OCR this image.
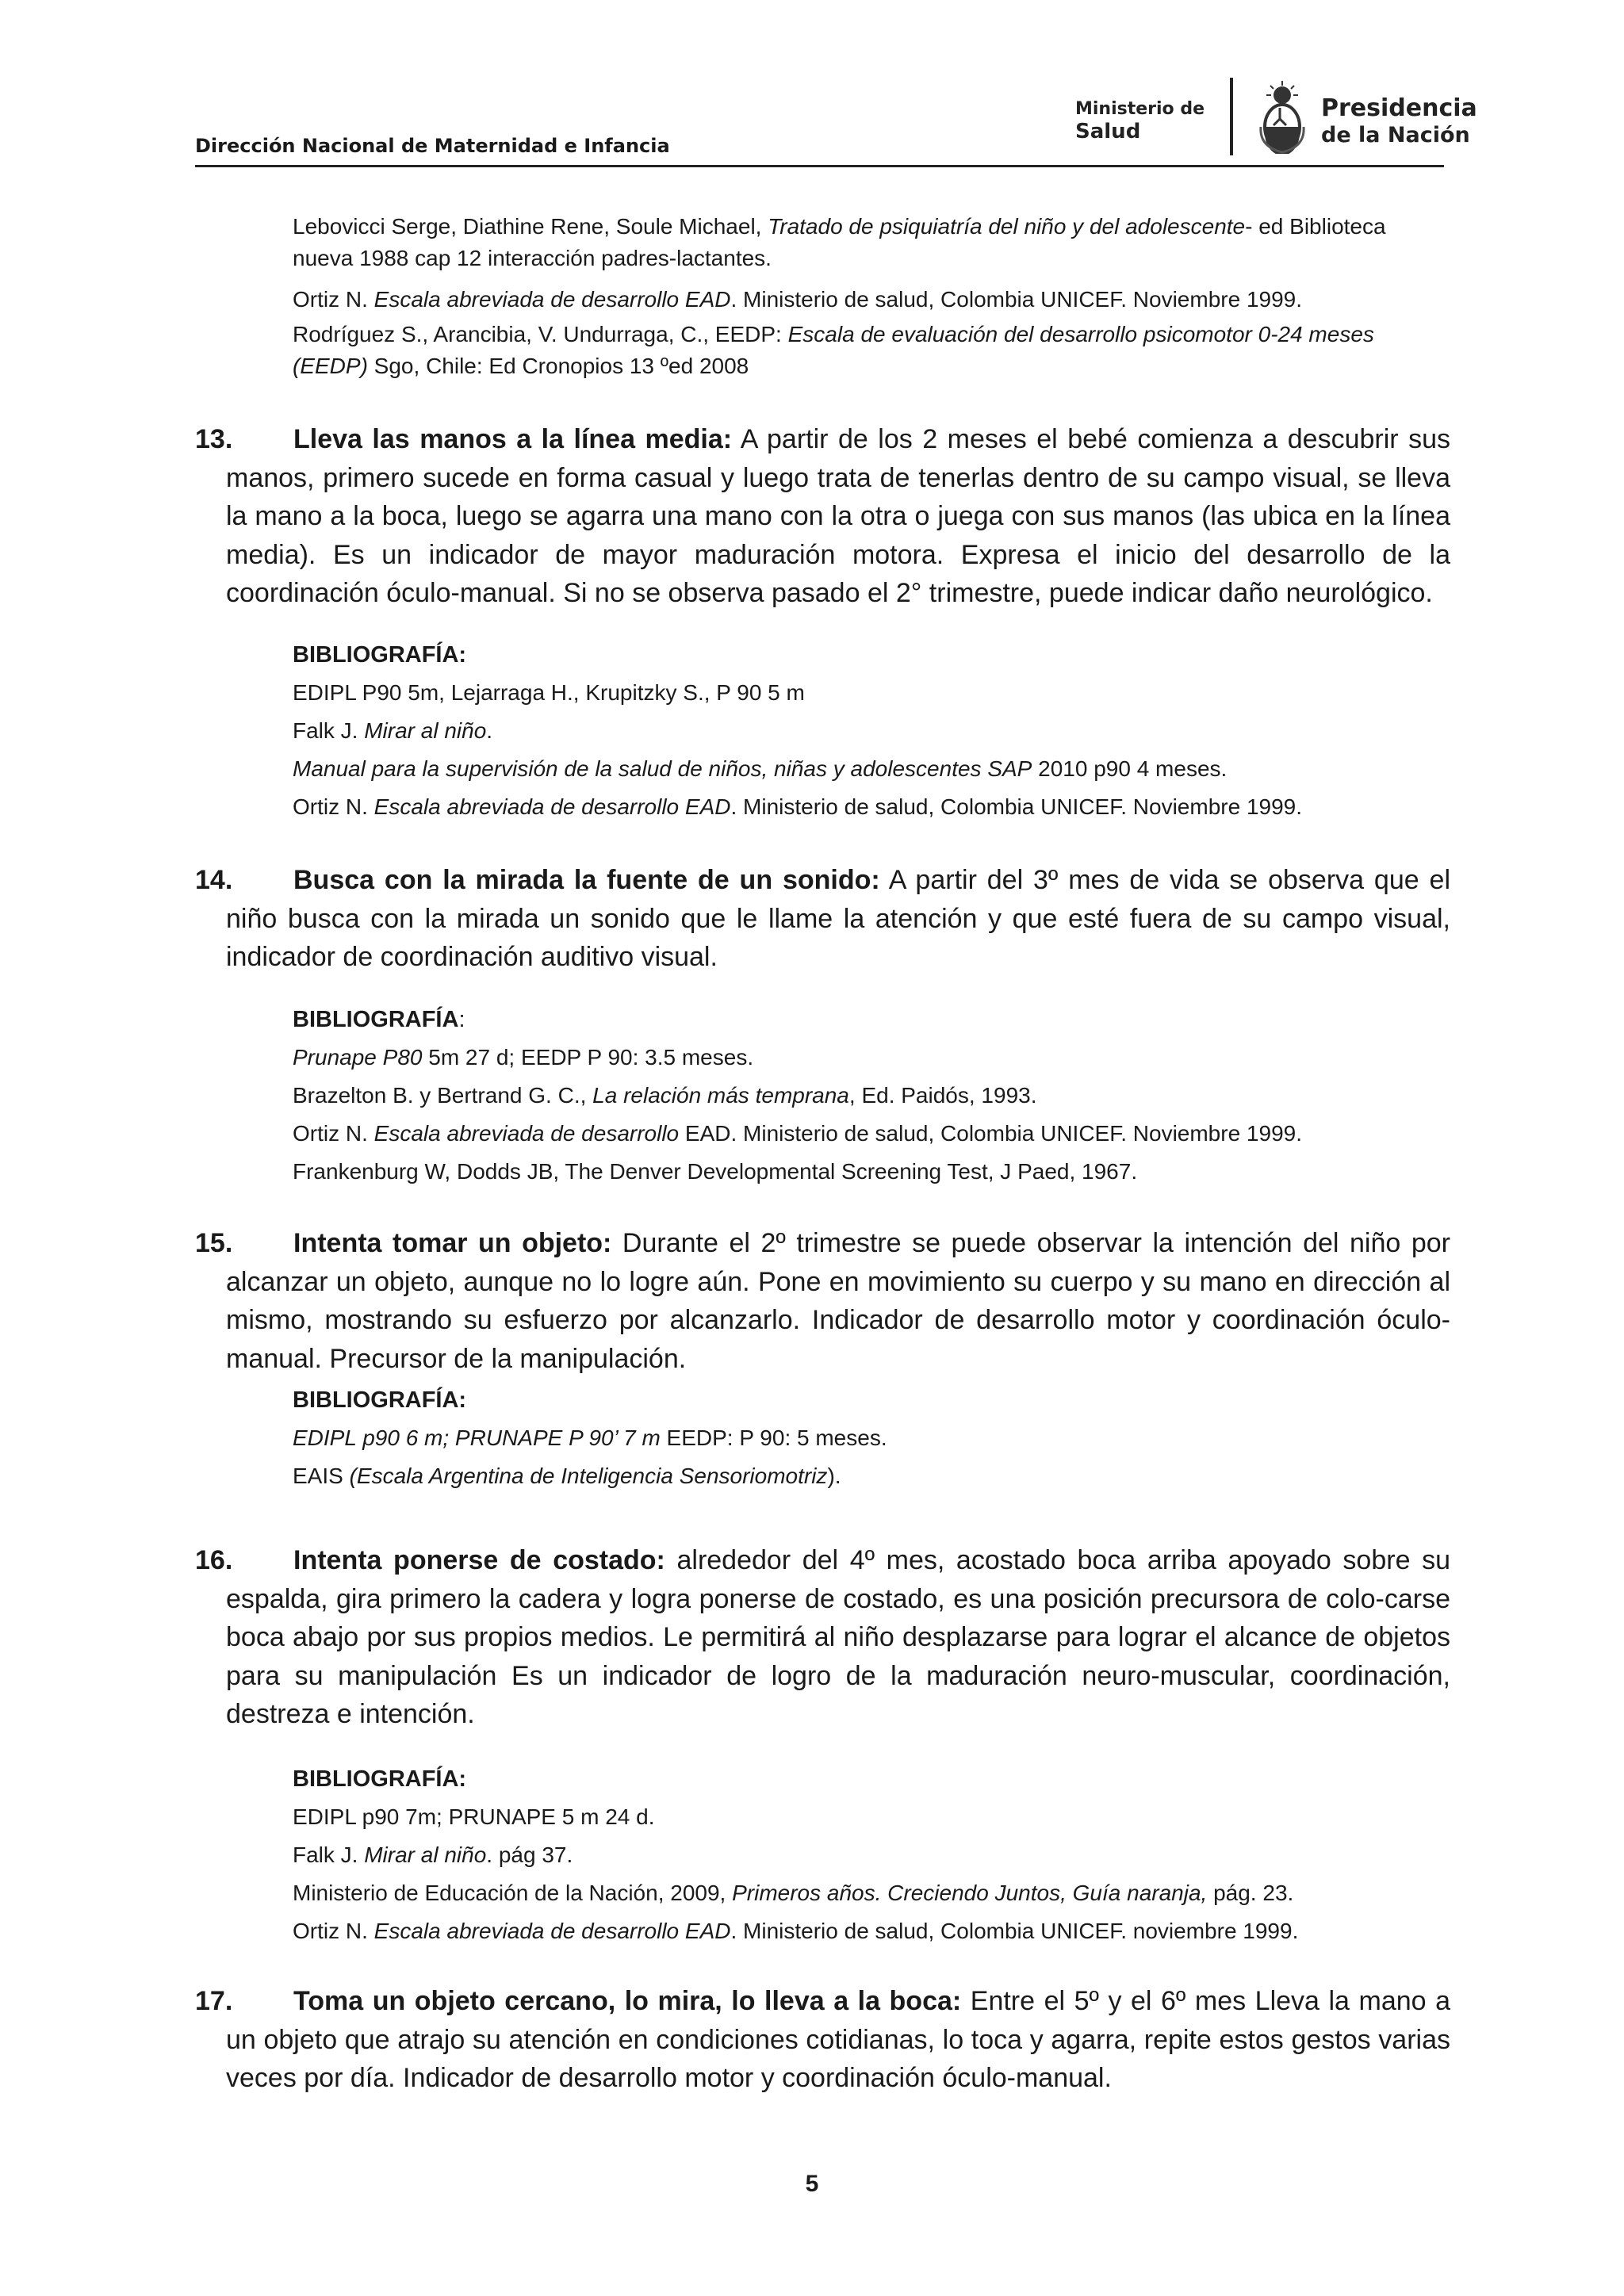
Dirección Nacional de Maternidad e Infancia
Ministerio de
Salud
Presidencia
de la Nación

Lebovicci Serge, Diathine Rene, Soule Michael, Tratado de psiquiatría del niño y del adolescente- ed Biblioteca nueva 1988 cap 12 interacción padres-lactantes.

Ortiz N. Escala abreviada de desarrollo EAD. Ministerio de salud, Colombia UNICEF. Noviembre 1999.

Rodríguez S., Arancibia, V. Undurraga, C., EEDP: Escala de evaluación del desarrollo psicomotor 0-24 meses (EEDP) Sgo, Chile: Ed Cronopios 13 ºed 2008

13. Lleva las manos a la línea media: A partir de los 2 meses el bebé comienza a descubrir sus manos, primero sucede en forma casual y luego trata de tenerlas dentro de su campo visual, se lleva la mano a la boca, luego se agarra una mano con la otra o juega con sus manos (las ubica en la línea media). Es un indicador de mayor maduración motora. Expresa el inicio del desarrollo de la coordinación óculo-manual. Si no se observa pasado el 2° trimestre, puede indicar daño neurológico.

BIBLIOGRAFÍA:

EDIPL P90 5m, Lejarraga H., Krupitzky S., P 90 5 m

Falk J. Mirar al niño.

Manual para la supervisión de la salud de niños, niñas y adolescentes SAP 2010 p90 4 meses.

Ortiz N. Escala abreviada de desarrollo EAD. Ministerio de salud, Colombia UNICEF. Noviembre 1999.

14. Busca con la mirada la fuente de un sonido: A partir del 3º mes de vida se observa que el niño busca con la mirada un sonido que le llame la atención y que esté fuera de su campo visual, indicador de coordinación auditivo visual.

BIBLIOGRAFÍA:

Prunape P80 5m 27 d; EEDP P 90: 3.5 meses.

Brazelton B. y Bertrand G. C., La relación más temprana, Ed. Paidós, 1993.

Ortiz N. Escala abreviada de desarrollo EAD. Ministerio de salud, Colombia UNICEF. Noviembre 1999.

Frankenburg W, Dodds JB, The Denver Developmental Screening Test, J Paed, 1967.

15. Intenta tomar un objeto: Durante el 2º trimestre se puede observar la intención del niño por alcanzar un objeto, aunque no lo logre aún. Pone en movimiento su cuerpo y su mano en dirección al mismo, mostrando su esfuerzo por alcanzarlo. Indicador de desarrollo motor y coordinación óculo-manual. Precursor de la manipulación.

BIBLIOGRAFÍA:

EDIPL p90 6 m; PRUNAPE P 90’ 7 m EEDP: P 90: 5 meses.

EAIS (Escala Argentina de Inteligencia Sensoriomotriz).

16. Intenta ponerse de costado: alrededor del 4º mes, acostado boca arriba apoyado sobre su espalda, gira primero la cadera y logra ponerse de costado, es una posición precursora de colo-carse boca abajo por sus propios medios. Le permitirá al niño desplazarse para lograr el alcance de objetos para su manipulación Es un indicador de logro de la maduración neuro-muscular, coordinación, destreza e intención.

BIBLIOGRAFÍA:

EDIPL p90 7m; PRUNAPE 5 m 24 d.

Falk J. Mirar al niño. pág 37.

Ministerio de Educación de la Nación, 2009, Primeros años. Creciendo Juntos, Guía naranja, pág. 23.

Ortiz N. Escala abreviada de desarrollo EAD. Ministerio de salud, Colombia UNICEF. noviembre 1999.

17. Toma un objeto cercano, lo mira, lo lleva a la boca: Entre el 5º y el 6º mes Lleva la mano a un objeto que atrajo su atención en condiciones cotidianas, lo toca y agarra, repite estos gestos varias veces por día. Indicador de desarrollo motor y coordinación óculo-manual.

5
